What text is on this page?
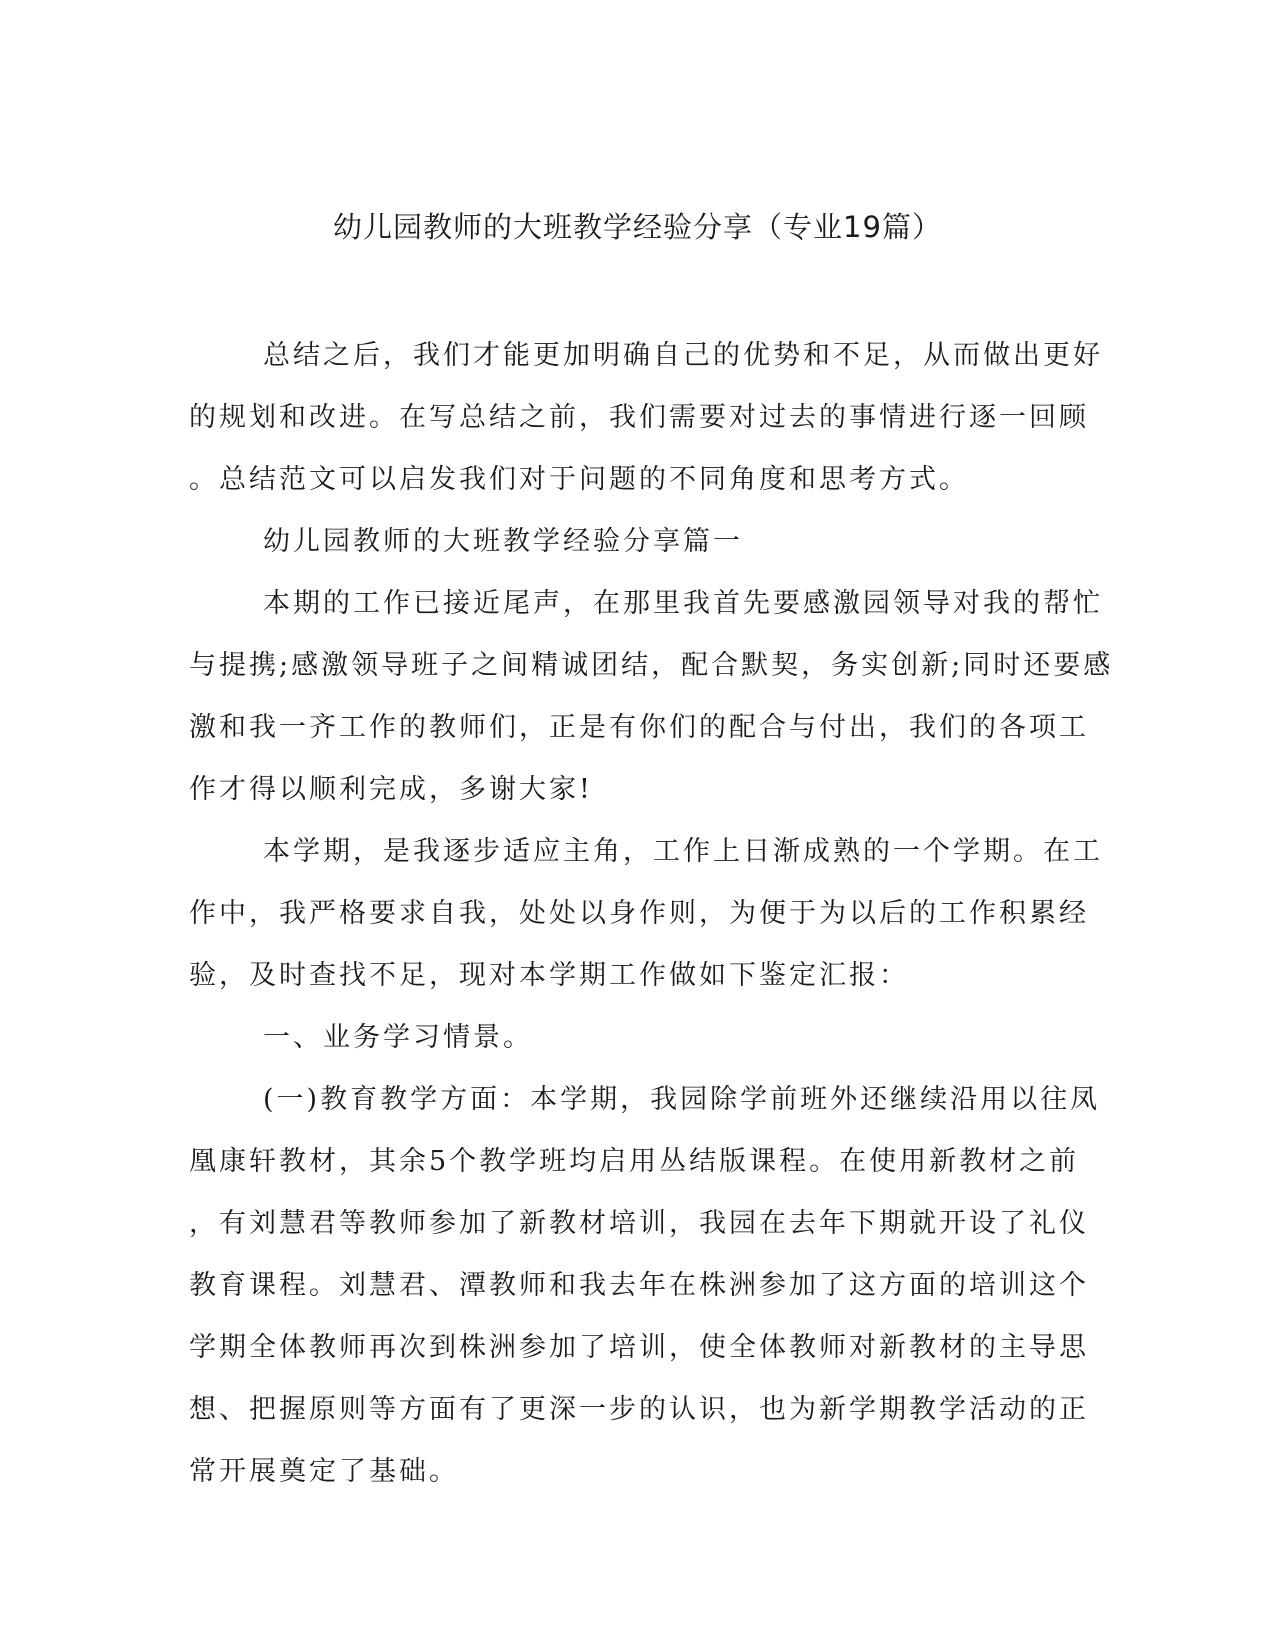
幼儿园教师的大班教学经验分享（专业19篇）

总结之后，我们才能更加明确自己的优势和不足，从而做出更好
的规划和改进。在写总结之前，我们需要对过去的事情进行逐一回顾
。总结范文可以启发我们对于问题的不同角度和思考方式。

幼儿园教师的大班教学经验分享篇一

本期的工作已接近尾声，在那里我首先要感激园领导对我的帮忙
与提携;感激领导班子之间精诚团结，配合默契，务实创新;同时还要感
激和我一齐工作的教师们，正是有你们的配合与付出，我们的各项工
作才得以顺利完成，多谢大家!

本学期，是我逐步适应主角，工作上日渐成熟的一个学期。在工
作中，我严格要求自我，处处以身作则，为便于为以后的工作积累经
验，及时查找不足，现对本学期工作做如下鉴定汇报：

一、业务学习情景。

(一)教育教学方面：本学期，我园除学前班外还继续沿用以往凤
凰康轩教材，其余5个教学班均启用丛结版课程。在使用新教材之前
，有刘慧君等教师参加了新教材培训，我园在去年下期就开设了礼仪
教育课程。刘慧君、潭教师和我去年在株洲参加了这方面的培训这个
学期全体教师再次到株洲参加了培训，使全体教师对新教材的主导思
想、把握原则等方面有了更深一步的认识，也为新学期教学活动的正
常开展奠定了基础。
